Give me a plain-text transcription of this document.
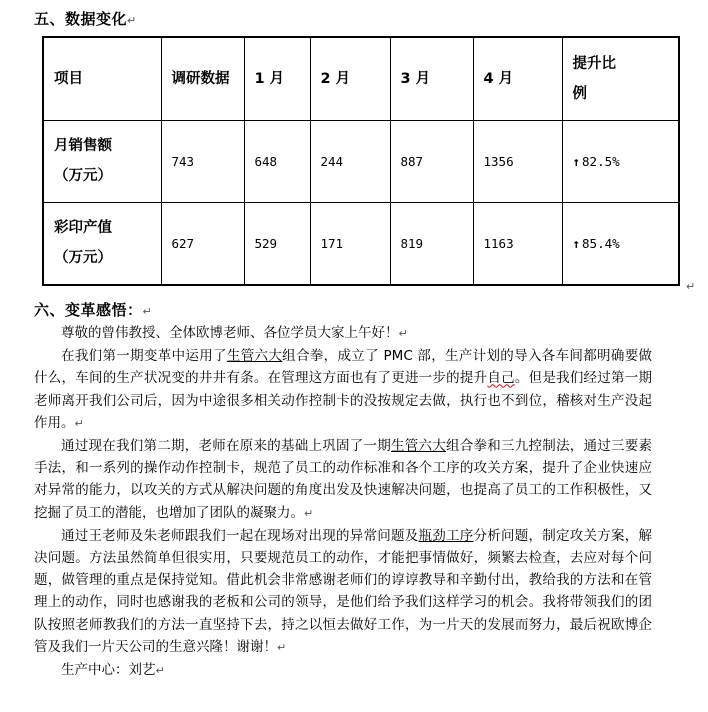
五、数据变化↵
项目	调研数据	1 月	2 月	3 月	4 月	提升比例

月销售额
（万元）	743	648	244	887	1356	↑ 82.5%

彩印产值
（万元）	627	529	171	819	1163	↑ 85.4%
↵
六、变革感悟：↵

尊敬的曾伟教授、全体欧博老师、各位学员大家上午好！↵

在我们第一期变革中运用了生管六大组合拳，成立了 PMC 部，生产计划的导入各车间都明确要做什么，车间的生产状况变的井井有条。在管理这方面也有了更进一步的提升自己。但是我们经过第一期老师离开我们公司后，因为中途很多相关动作控制卡的没按规定去做，执行也不到位，稽核对生产没起作用。↵

通过现在我们第二期，老师在原来的基础上巩固了一期生管六大组合拳和三九控制法，通过三要素手法，和一系列的操作动作控制卡，规范了员工的动作标准和各个工序的攻关方案，提升了企业快速应对异常的能力，以攻关的方式从解决问题的角度出发及快速解决问题，也提高了员工的工作积极性，又挖掘了员工的潜能，也增加了团队的凝聚力。↵

通过王老师及朱老师跟我们一起在现场对出现的异常问题及瓶劲工序分析问题，制定攻关方案，解决问题。方法虽然简单但很实用，只要规范员工的动作，才能把事情做好，频繁去检查，去应对每个问题，做管理的重点是保持觉知。借此机会非常感谢老师们的谆谆教导和辛勤付出，教给我的方法和在管理上的动作，同时也感谢我的老板和公司的领导，是他们给予我们这样学习的机会。我将带领我们的团队按照老师教我们的方法一直坚持下去，持之以恒去做好工作，为一片天的发展而努力，最后祝欧博企管及我们一片天公司的生意兴隆！谢谢！↵

生产中心：刘艺↵
